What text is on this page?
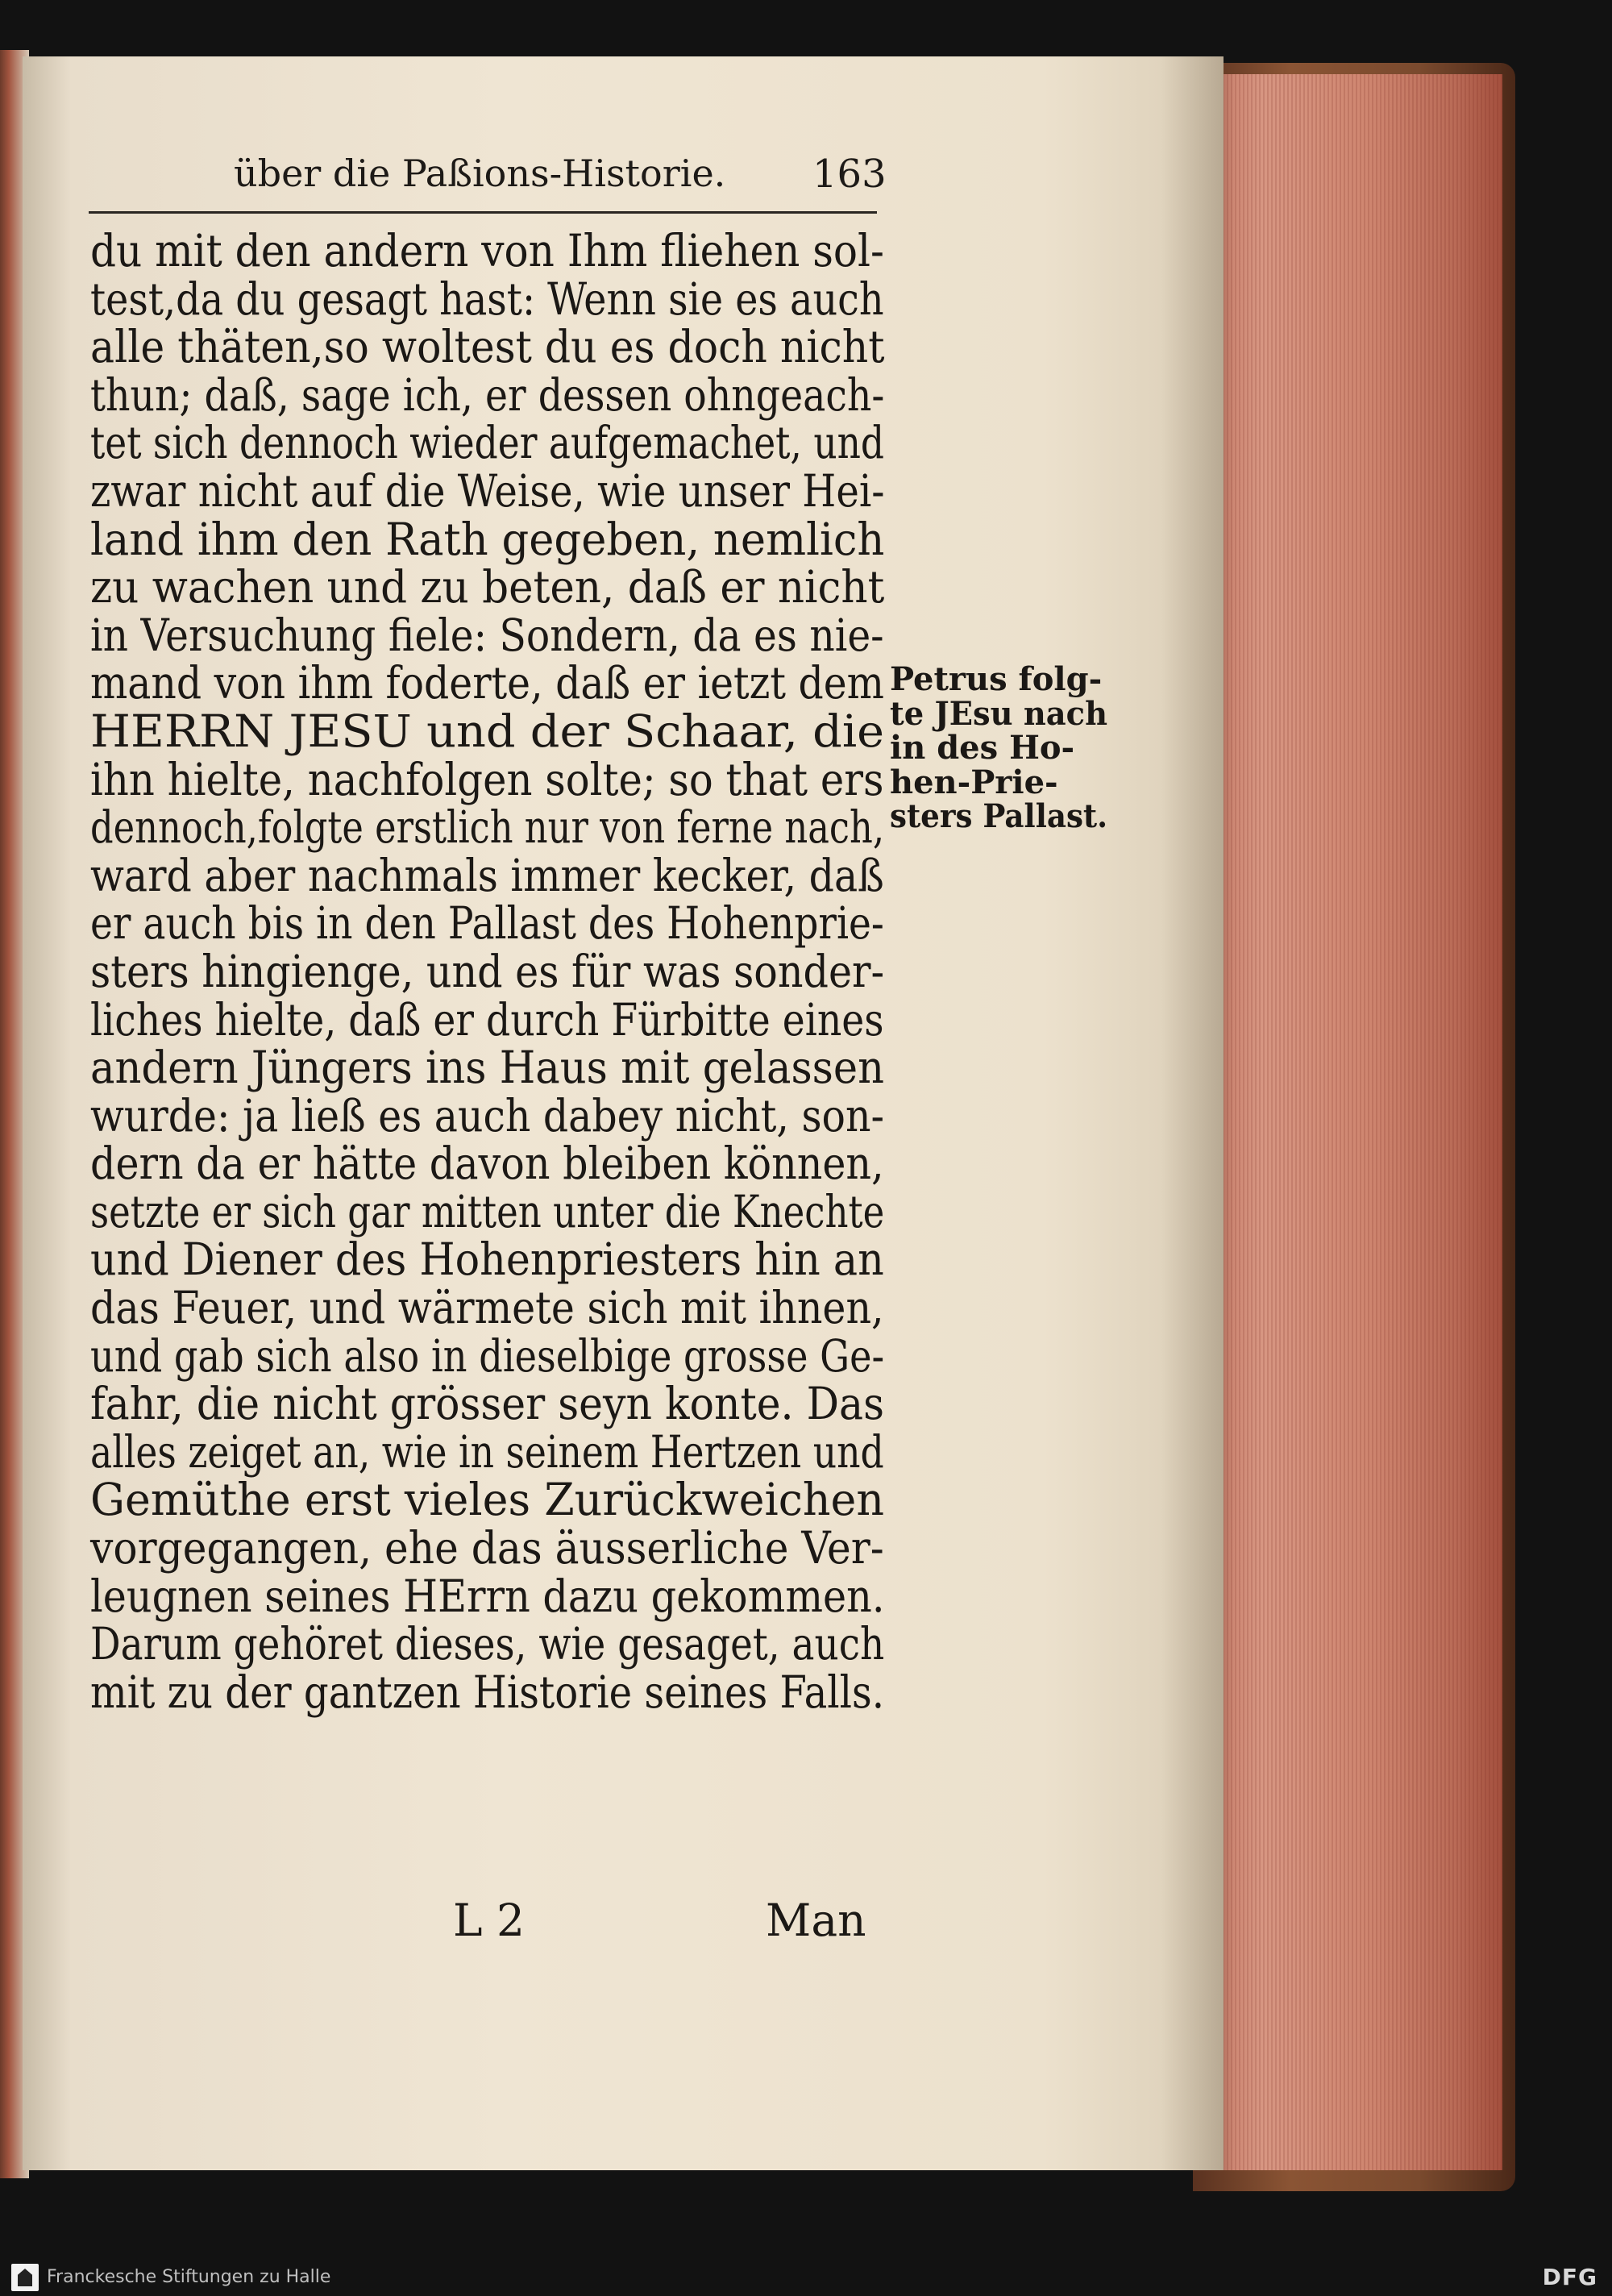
über die Paßions-Historie.	163
du mit den andern von Ihm fliehen sol-
test,da du gesagt hast: Wenn sie es auch
alle thäten,so woltest du es doch nicht
thun; daß, sage ich, er dessen ohngeach-
tet sich dennoch wieder aufgemachet, und
zwar nicht auf die Weise, wie unser Hei-
land ihm den Rath gegeben, nemlich
zu wachen und zu beten, daß er nicht
in Versuchung fiele: Sondern, da es nie-
mand von ihm foderte, daß er ietzt dem
HERRN JESU und der Schaar, die
ihn hielte, nachfolgen solte; so that ers
dennoch,folgte erstlich nur von ferne nach,
ward aber nachmals immer kecker, daß
er auch bis in den Pallast des Hohenprie-
sters hingienge, und es für was sonder-
liches hielte, daß er durch Fürbitte eines
andern Jüngers ins Haus mit gelassen
wurde: ja ließ es auch dabey nicht, son-
dern da er hätte davon bleiben können,
setzte er sich gar mitten unter die Knechte
und Diener des Hohenpriesters hin an
das Feuer, und wärmete sich mit ihnen,
und gab sich also in dieselbige grosse Ge-
fahr, die nicht grösser seyn konte. Das
alles zeiget an, wie in seinem Hertzen und
Gemüthe erst vieles Zurückweichen
vorgegangen, ehe das äusserliche Ver-
leugnen seines HErrn dazu gekommen.
Darum gehöret dieses, wie gesaget, auch
mit zu der gantzen Historie seines Falls.
Petrus folg-
te JEsu nach
in des Ho-
hen-Prie-
sters Pallast.
L 2	Man
Franckesche Stiftungen zu Halle	DFG
